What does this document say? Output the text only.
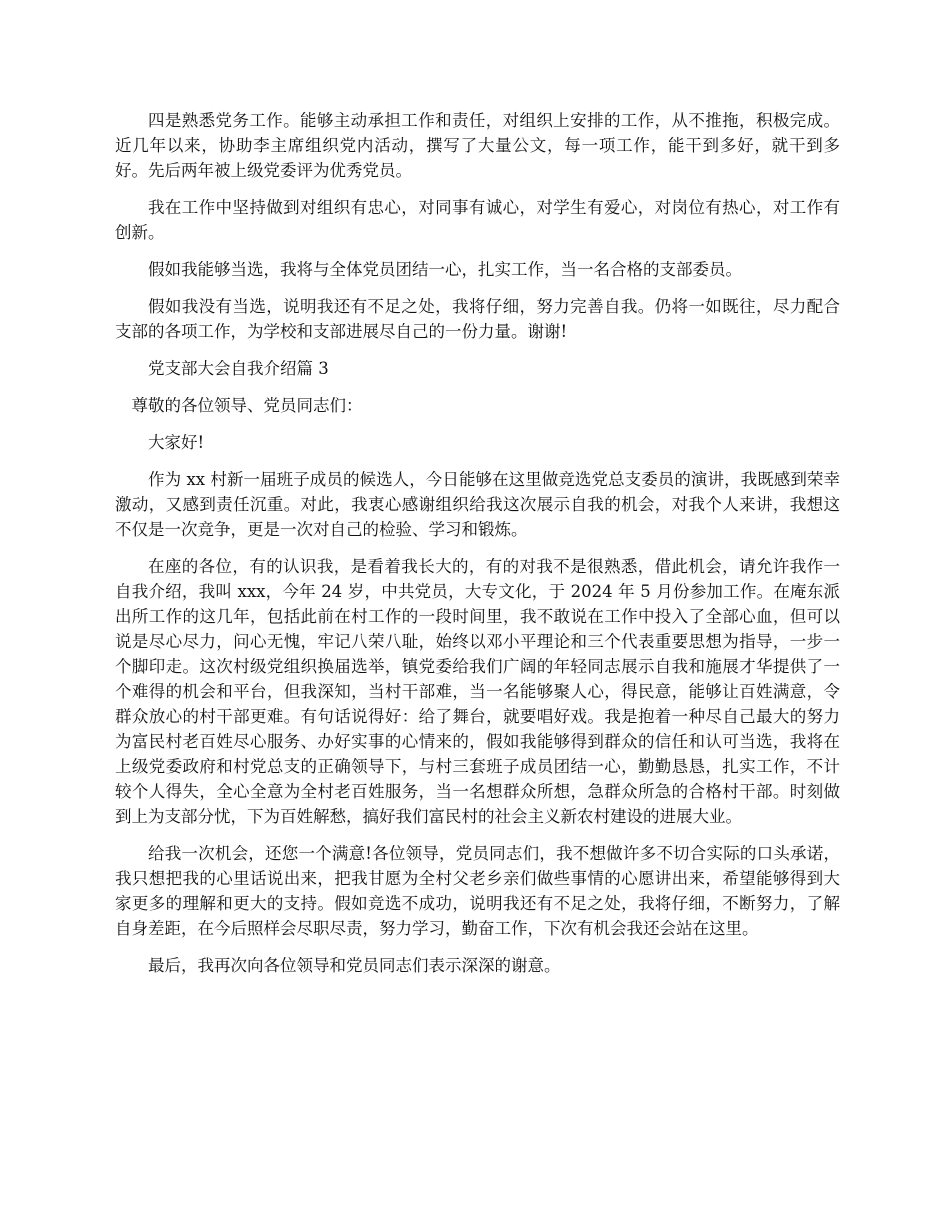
四是熟悉党务工作。能够主动承担工作和责任，对组织上安排的工作，从不推拖，积极完成。近几年以来，协助李主席组织党内活动，撰写了大量公文，每一项工作，能干到多好，就干到多好。先后两年被上级党委评为优秀党员。

我在工作中坚持做到对组织有忠心，对同事有诚心，对学生有爱心，对岗位有热心，对工作有创新。

假如我能够当选，我将与全体党员团结一心，扎实工作，当一名合格的支部委员。

假如我没有当选，说明我还有不足之处，我将仔细，努力完善自我。仍将一如既往，尽力配合支部的各项工作，为学校和支部进展尽自己的一份力量。谢谢!

党支部大会自我介绍篇 3

尊敬的各位领导、党员同志们：

大家好!

作为 xx 村新一届班子成员的候选人，今日能够在这里做竞选党总支委员的演讲，我既感到荣幸激动，又感到责任沉重。对此，我衷心感谢组织给我这次展示自我的机会，对我个人来讲，我想这不仅是一次竞争，更是一次对自己的检验、学习和锻炼。

在座的各位，有的认识我，是看着我长大的，有的对我不是很熟悉，借此机会，请允许我作一自我介绍，我叫 xxx，今年 24 岁，中共党员，大专文化，于 2024 年 5 月份参加工作。在庵东派出所工作的这几年，包括此前在村工作的一段时间里，我不敢说在工作中投入了全部心血，但可以说是尽心尽力，问心无愧，牢记八荣八耻，始终以邓小平理论和三个代表重要思想为指导，一步一个脚印走。这次村级党组织换届选举，镇党委给我们广阔的年轻同志展示自我和施展才华提供了一个难得的机会和平台，但我深知，当村干部难，当一名能够聚人心，得民意，能够让百姓满意，令群众放心的村干部更难。有句话说得好：给了舞台，就要唱好戏。我是抱着一种尽自己最大的努力为富民村老百姓尽心服务、办好实事的心情来的，假如我能够得到群众的信任和认可当选，我将在上级党委政府和村党总支的正确领导下，与村三套班子成员团结一心，勤勤恳恳，扎实工作，不计较个人得失，全心全意为全村老百姓服务，当一名想群众所想，急群众所急的合格村干部。时刻做到上为支部分忧，下为百姓解愁，搞好我们富民村的社会主义新农村建设的进展大业。

给我一次机会，还您一个满意!各位领导，党员同志们，我不想做许多不切合实际的口头承诺，我只想把我的心里话说出来，把我甘愿为全村父老乡亲们做些事情的心愿讲出来，希望能够得到大家更多的理解和更大的支持。假如竞选不成功，说明我还有不足之处，我将仔细，不断努力，了解自身差距，在今后照样会尽职尽责，努力学习，勤奋工作，下次有机会我还会站在这里。

最后，我再次向各位领导和党员同志们表示深深的谢意。
